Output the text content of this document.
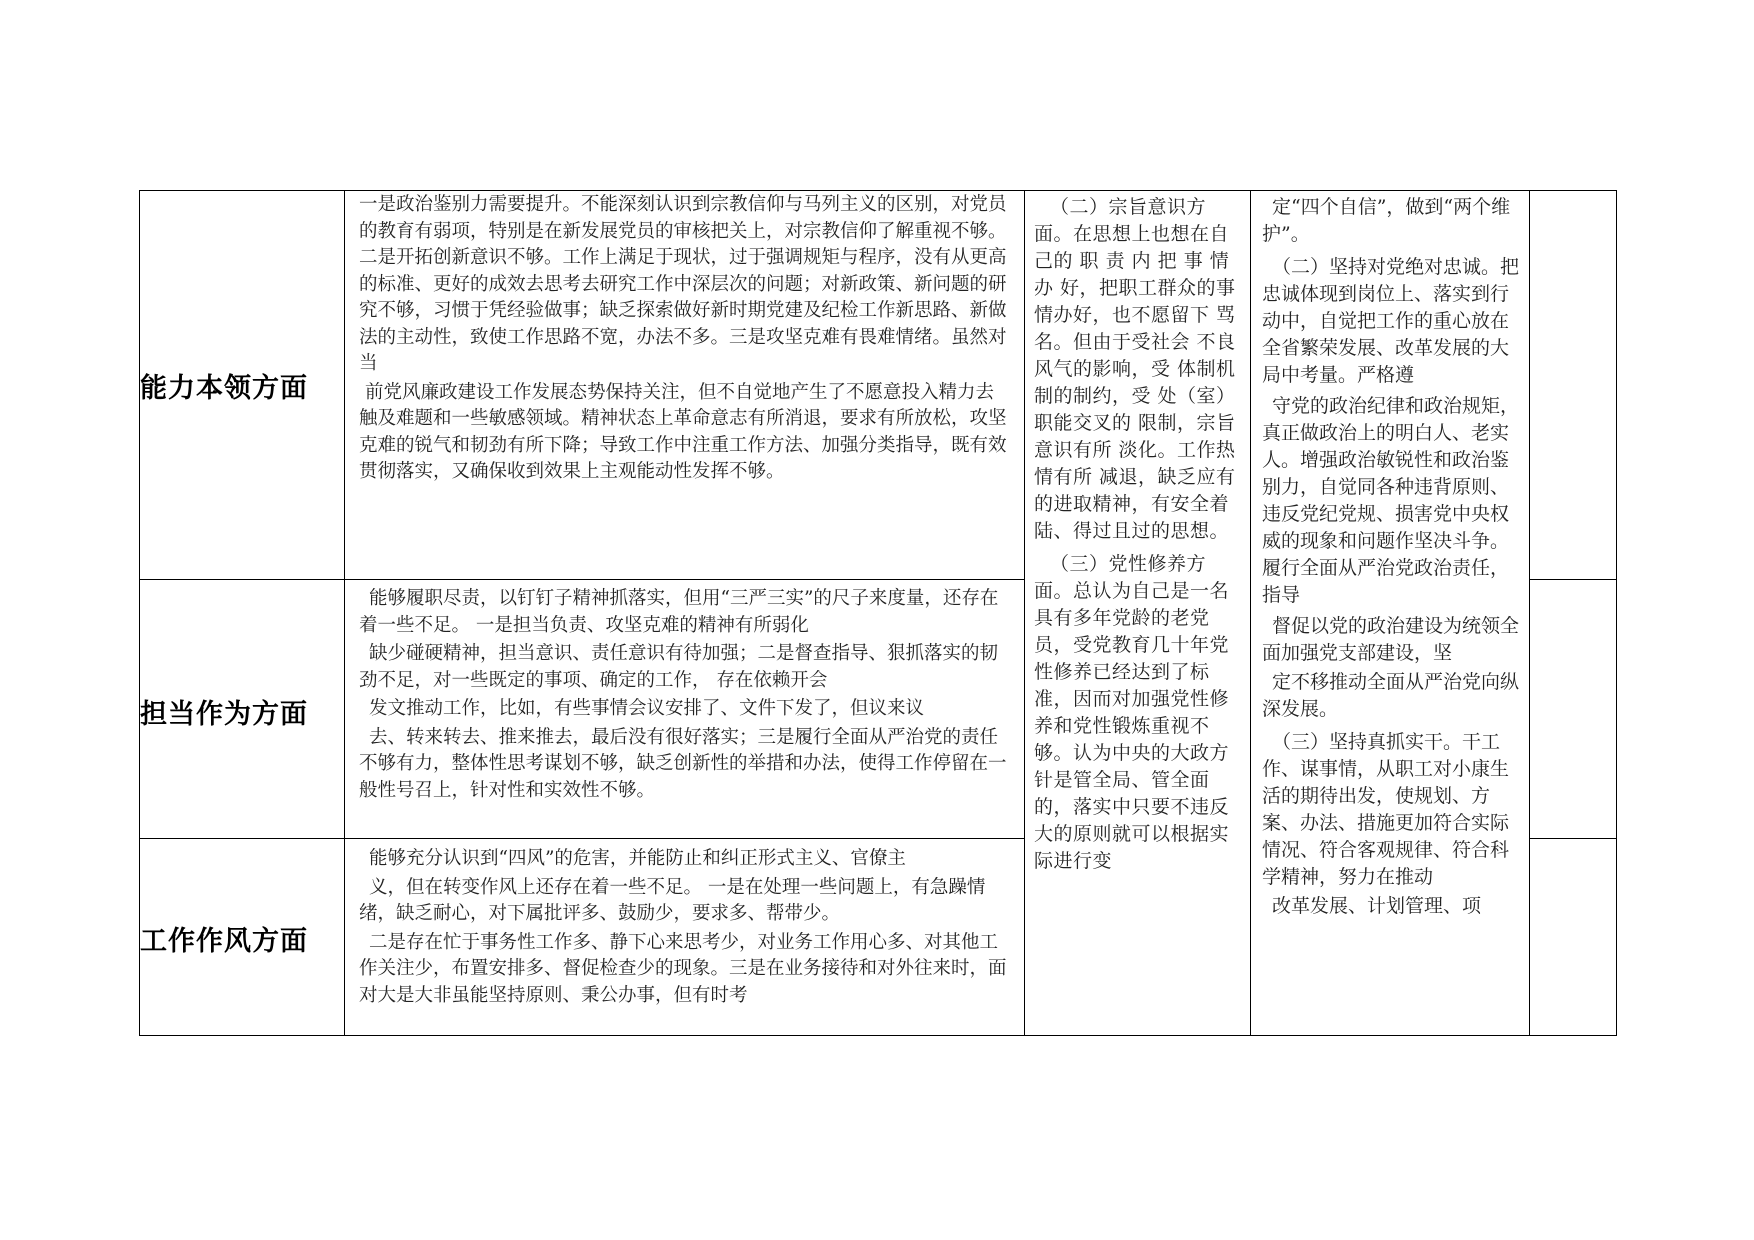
能力本领方面
担当作为方面
工作作风方面

一是政治鉴别力需要提升。不能深刻认识到宗教信仰与马列主义的区别，对党员的教育有弱项，特别是在新发展党员的审核把关上，对宗教信仰了解重视不够。二是开拓创新意识不够。工作上满足于现状，过于强调规矩与程序，没有从更高的标准、更好的成效去思考去研究工作中深层次的问题；对新政策、新问题的研究不够，习惯于凭经验做事；缺乏探索做好新时期党建及纪检工作新思路、新做法的主动性，致使工作思路不宽，办法不多。三是攻坚克难有畏难情绪。虽然对当

前党风廉政建设工作发展态势保持关注，但不自觉地产生了不愿意投入精力去触及难题和一些敏感领域。精神状态上革命意志有所消退，要求有所放松，攻坚克难的锐气和韧劲有所下降；导致工作中注重工作方法、加强分类指导，既有效贯彻落实，又确保收到效果上主观能动性发挥不够。

能够履职尽责，以钉钉子精神抓落实，但用“三严三实”的尺子来度量，还存在着一些不足。 一是担当负责、攻坚克难的精神有所弱化

缺少碰硬精神，担当意识、责任意识有待加强；二是督查指导、狠抓落实的韧劲不足，对一些既定的事项、确定的工作， 存在依赖开会

发文推动工作，比如，有些事情会议安排了、文件下发了，但议来议

去、转来转去、推来推去，最后没有很好落实；三是履行全面从严治党的责任不够有力，整体性思考谋划不够，缺乏创新性的举措和办法，使得工作停留在一般性号召上，针对性和实效性不够。

能够充分认识到“四风”的危害，并能防止和纠正形式主义、官僚主

义，但在转变作风上还存在着一些不足。 一是在处理一些问题上，有急躁情绪，缺乏耐心，对下属批评多、鼓励少，要求多、帮带少。

二是存在忙于事务性工作多、静下心来思考少，对业务工作用心多、对其他工作关注少，布置安排多、督促检查少的现象。三是在业务接待和对外往来时，面对大是大非虽能坚持原则、秉公办事，但有时考

（二）宗旨意识方面。在思想上也想在自己的 职 责 内 把 事 情 办 好，把职工群众的事 情办好，也不愿留下 骂名。但由于受社会 不良风气的影响，受 体制机制的制约，受 处（室）职能交叉的 限制，宗旨意识有所 淡化。工作热情有所 减退，缺乏应有的进取精神，有安全着陆、得过且过的思想。

（三）党性修养方面。总认为自己是一名具有多年党龄的老党员，受党教育几十年党性修养已经达到了标准，因而对加强党性修养和党性锻炼重视不够。认为中央的大政方针是管全局、管全面的，落实中只要不违反大的原则就可以根据实际进行变

定“四个自信”，做到“两个维护”。

（二）坚持对党绝对忠诚。把忠诚体现到岗位上、落实到行动中，自觉把工作的重心放在全省繁荣发展、改革发展的大局中考量。严格遵

守党的政治纪律和政治规矩，真正做政治上的明白人、老实人。增强政治敏锐性和政治鉴别力，自觉同各种违背原则、违反党纪党规、损害党中央权威的现象和问题作坚决斗争。履行全面从严治党政治责任，指导

督促以党的政治建设为统领全面加强党支部建设，坚

定不移推动全面从严治党向纵深发展。

（三）坚持真抓实干。干工作、谋事情，从职工对小康生活的期待出发，使规划、方案、办法、措施更加符合实际情况、符合客观规律、符合科学精神，努力在推动

改革发展、计划管理、项
